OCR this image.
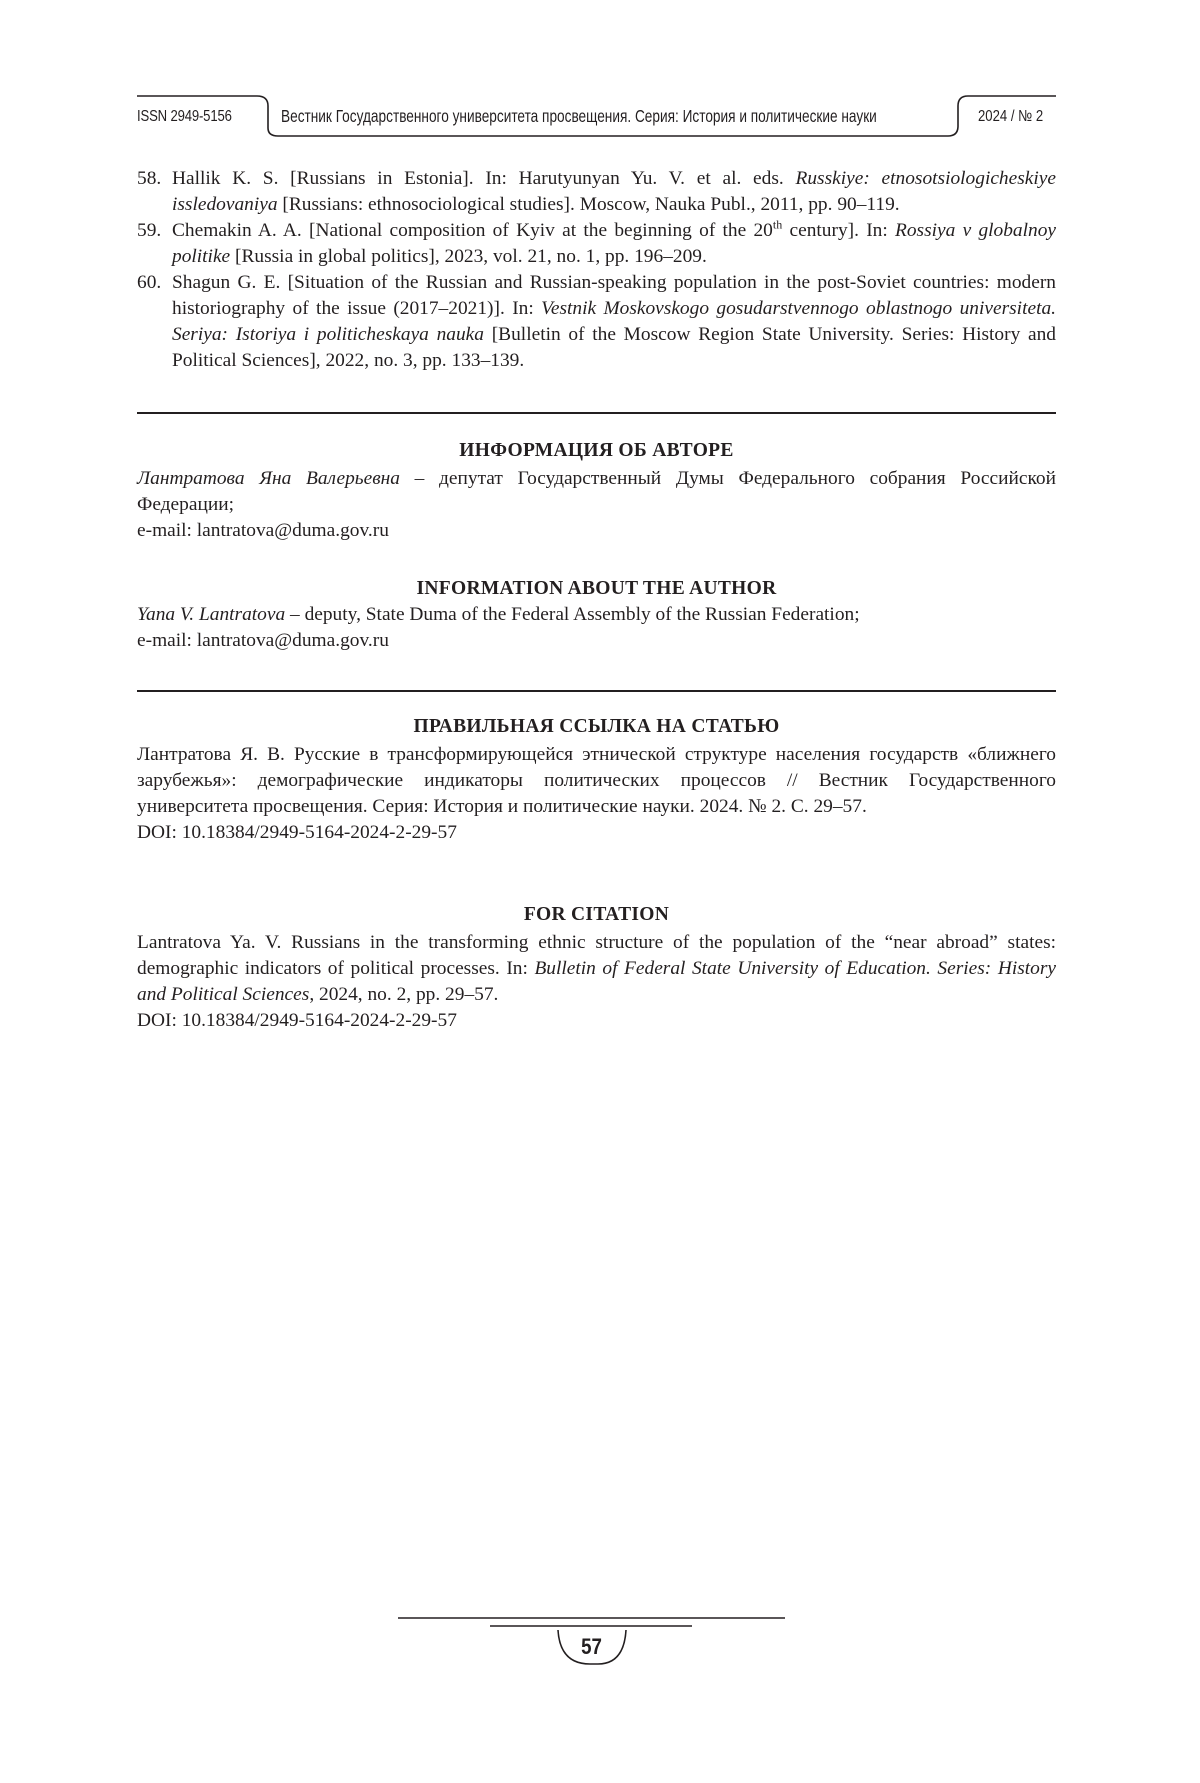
ISSN 2949-5156	Вестник Государственного университета просвещения. Серия: История и политические науки	2024 / № 2

58. Hallik K. S. [Russians in Estonia]. In: Harutyunyan Yu. V. et al. eds. Russkiye: etnosotsiologicheskiye issledovaniya [Russians: ethnosociological studies]. Moscow, Nauka Publ., 2011, pp. 90–119.

59. Chemakin A. A. [National composition of Kyiv at the beginning of the 20th century]. In: Rossiya v globalnoy politike [Russia in global politics], 2023, vol. 21, no. 1, pp. 196–209.

60. Shagun G. E. [Situation of the Russian and Russian-speaking population in the post-Soviet countries: modern historiography of the issue (2017–2021)]. In: Vestnik Moskovskogo gosudarstvennogo oblastnogo universiteta. Seriya: Istoriya i politicheskaya nauka [Bulletin of the Moscow Region State University. Series: History and Political Sciences], 2022, no. 3, pp. 133–139.

ИНФОРМАЦИЯ ОБ АВТОРЕ

Лантратова Яна Валерьевна – депутат Государственный Думы Федерального собрания Российской Федерации;

e-mail: lantratova@duma.gov.ru

INFORMATION ABOUT THE AUTHOR

Yana V. Lantratova – deputy, State Duma of the Federal Assembly of the Russian Federation;

e-mail: lantratova@duma.gov.ru

ПРАВИЛЬНАЯ ССЫЛКА НА СТАТЬЮ

Лантратова Я. В. Русские в трансформирующейся этнической структуре населения государств «ближнего зарубежья»: демографические индикаторы политических процессов // Вестник Государственного университета просвещения. Серия: История и политические науки. 2024. № 2. С. 29–57.

DOI: 10.18384/2949-5164-2024-2-29-57

FOR CITATION

Lantratova Ya. V. Russians in the transforming ethnic structure of the population of the “near abroad” states: demographic indicators of political processes. In: Bulletin of Federal State University of Education. Series: History and Political Sciences, 2024, no. 2, pp. 29–57.

DOI: 10.18384/2949-5164-2024-2-29-57

57
